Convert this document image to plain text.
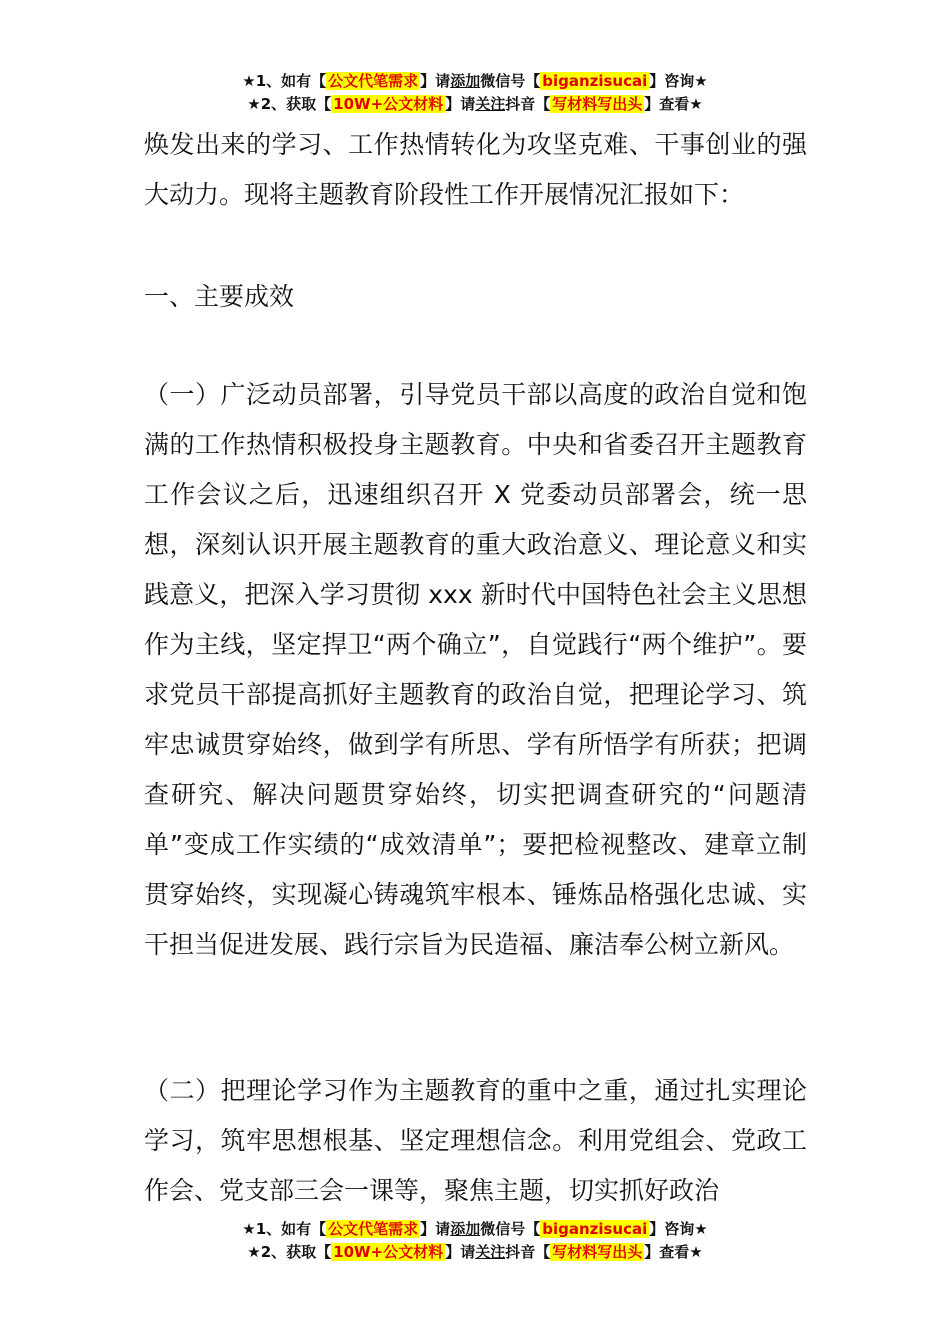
★1、如有【 公文代笔需求 】请添加微信号【 biganzisucai 】咨询★
★2、获取【 10W+公文材料 】请关注抖音【 写材料写出头 】查看★

焕发出来的学习、工作热情转化为攻坚克难、干事创业的强大动力。现将主题教育阶段性工作开展情况汇报如下：

一、主要成效

（一）广泛动员部署，引导党员干部以高度的政治自觉和饱满的工作热情积极投身主题教育。中央和省委召开主题教育工作会议之后，迅速组织召开 X 党委动员部署会，统一思想，深刻认识开展主题教育的重大政治意义、理论意义和实践意义，把深入学习贯彻 xxx 新时代中国特色社会主义思想作为主线，坚定捍卫“两个确立”，自觉践行“两个维护”。要求党员干部提高抓好主题教育的政治自觉，把理论学习、筑牢忠诚贯穿始终，做到学有所思、学有所悟学有所获；把调查研究、解决问题贯穿始终，切实把调查研究的“问题清单”变成工作实绩的“成效清单”；要把检视整改、建章立制贯穿始终，实现凝心铸魂筑牢根本、锤炼品格强化忠诚、实干担当促进发展、践行宗旨为民造福、廉洁奉公树立新风。

（二）把理论学习作为主题教育的重中之重，通过扎实理论学习，筑牢思想根基、坚定理想信念。利用党组会、党政工作会、党支部三会一课等，聚焦主题，切实抓好政治

★1、如有【 公文代笔需求 】请添加微信号【 biganzisucai 】咨询★
★2、获取【 10W+公文材料 】请关注抖音【 写材料写出头 】查看★
